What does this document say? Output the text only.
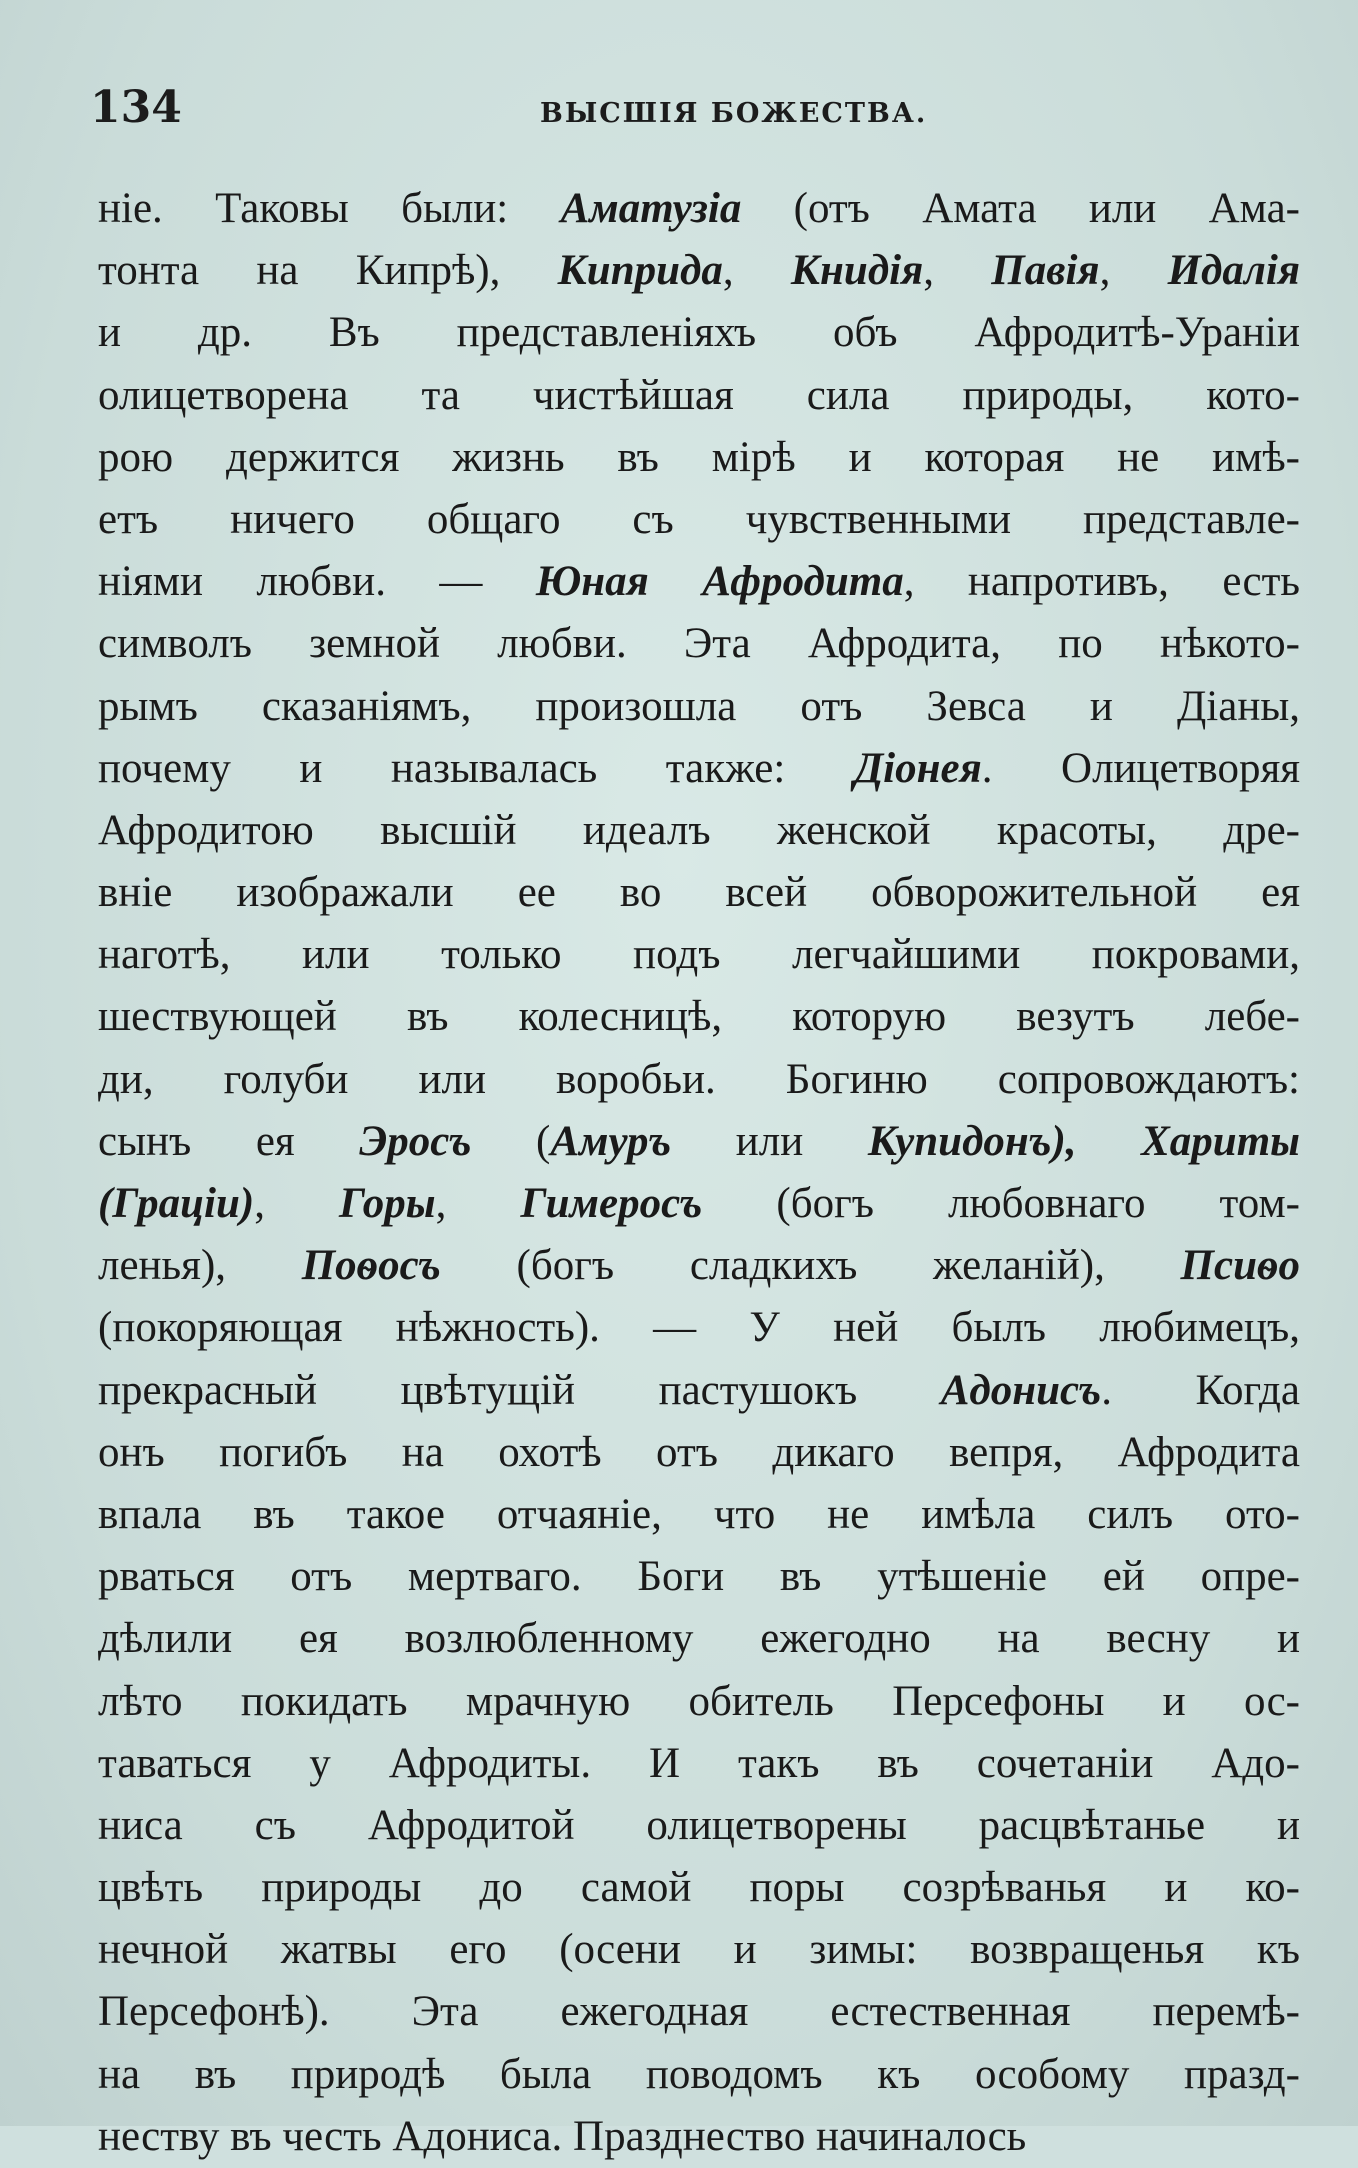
134	ВЫСШІЯ БОЖЕСТВА.
ніе. Таковы были: Аматузіа (отъ Амата или Ама-
тонта на Кипрѣ), Киприда, Книдія, Павія, Идалія
и др. Въ представленіяхъ объ Афродитѣ-Ураніи
олицетворена та чистѣйшая сила природы, кото-
рою держится жизнь въ мірѣ и которая не имѣ-
етъ ничего общаго съ чувственными представле-
ніями любви. — Юная Афродита, напротивъ, есть
символъ земной любви. Эта Афродита, по нѣкото-
рымъ сказаніямъ, произошла отъ Зевса и Діаны,
почему и называлась также: Діонея. Олицетворяя
Афродитою высшій идеалъ женской красоты, дре-
вніе изображали ее во всей обворожительной ея
наготѣ, или только подъ легчайшими покровами,
шествующей въ колесницѣ, которую везутъ лебе-
ди, голуби или воробьи. Богиню сопровождаютъ:
сынъ ея Эросъ (Амуръ или Купидонъ), Хариты
(Граціи), Горы, Гимеросъ (богъ любовнаго том-
ленья), Поѳосъ (богъ сладкихъ желаній), Псиѳо
(покоряющая нѣжность). — У ней былъ любимецъ,
прекрасный цвѣтущій пастушокъ Адонисъ. Когда
онъ погибъ на охотѣ отъ дикаго вепря, Афродита
впала въ такое отчаяніе, что не имѣла силъ ото-
рваться отъ мертваго. Боги въ утѣшеніе ей опре-
дѣлили ея возлюбленному ежегодно на весну и
лѣто покидать мрачную обитель Персефоны и ос-
таваться у Афродиты. И такъ въ сочетаніи Адо-
ниса съ Афродитой олицетворены расцвѣтанье и
цвѣть природы до самой поры созрѣванья и ко-
нечной жатвы его (осени и зимы: возвращенья къ
Персефонѣ). Эта ежегодная естественная перемѣ-
на въ природѣ была поводомъ къ особому празд-
неству въ честь Адониса. Празднество начиналось
